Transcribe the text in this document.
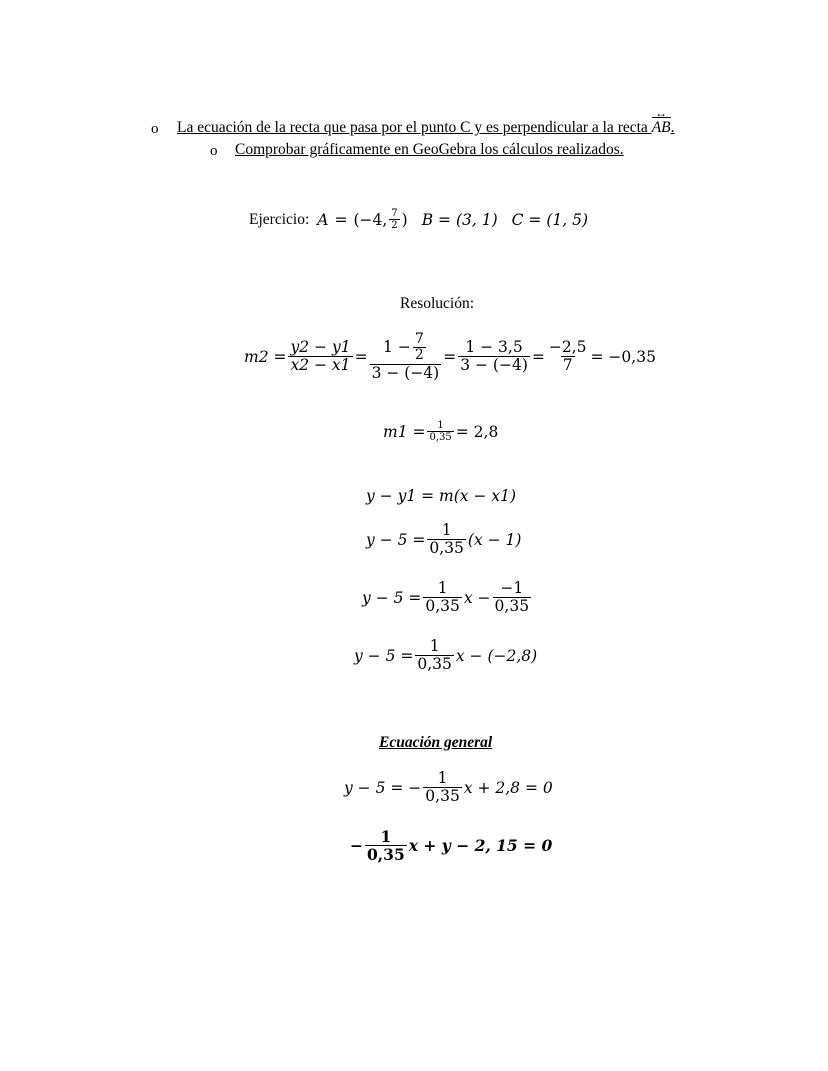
o La ecuación de la recta que pasa por el punto C y es perpendicular a la recta AB ↔.
o Comprobar gráficamente en GeoGebra los cálculos realizados.
Ejercicio: A = (−4, $\frac{7}{2}$ ) B = (3, 1) C = (1, 5)
Resolución:
$m2 = \frac{y2 - y1}{x2 - x1} = \frac{1 - \frac{7}{2}}{3 - (-4)} = \frac{1 - 3,5}{3 - (-4)} = \frac{-2,5}{7} = -0,35$
$m1 = \frac{1}{0,35} = 2,8$
y − y1 = m(x − x1)
$y - 5 = \frac{1}{0,35} (x - 1)$
$y - 5 = \frac{1}{0,35}$ $x - \frac{-1}{0,35}$
$y - 5 = \frac{1}{0,35}$ x − (−2,8)
Ecuación general
y − 5 = − $\frac{1}{0,35}$ x + 2,8 = 0
− $\frac{1}{0,35}$ x + y − 2, 15 = 0
